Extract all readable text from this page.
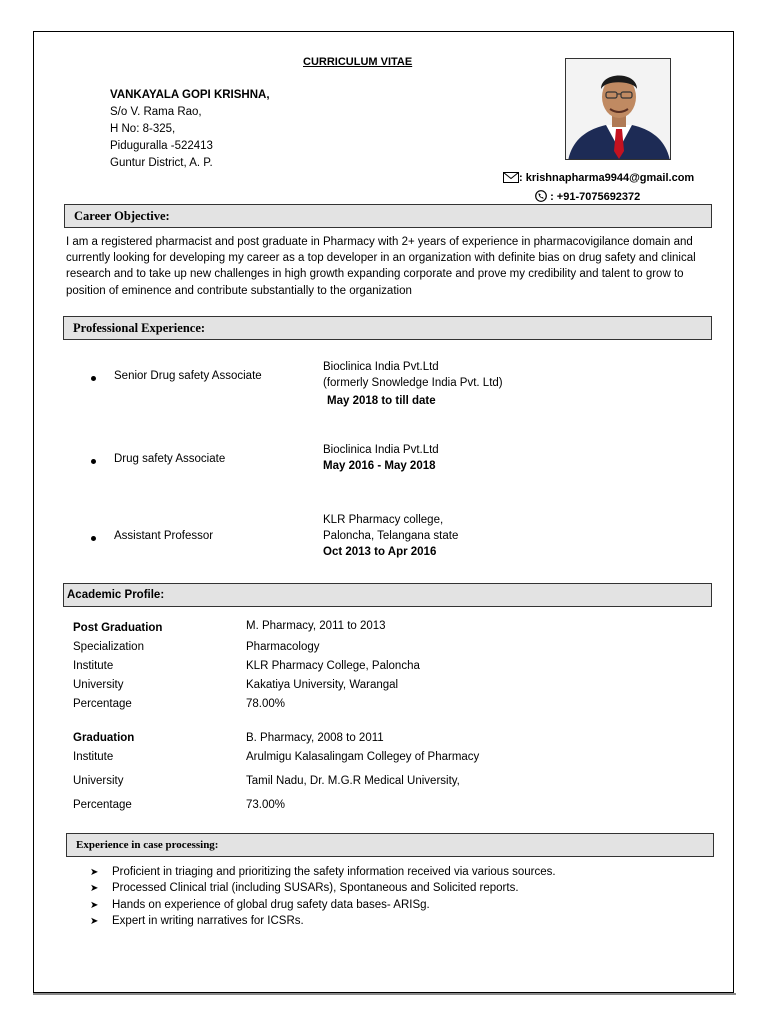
CURRICULUM VITAE
VANKAYALA GOPI KRISHNA,
S/o V. Rama Rao,
H No: 8-325,
Piduguralla -522413
Guntur District, A. P.
: krishnapharma9944@gmail.com
: +91-7075692372
Career Objective:
I am a registered pharmacist and post graduate in Pharmacy with 2+ years of experience in pharmacovigilance domain and currently looking for developing my career as a top developer in an organization with definite bias on drug safety and clinical research and to take up new challenges in high growth expanding corporate and prove my credibility and talent to grow to position of eminence and contribute substantially to the organization
Professional Experience:
Senior Drug safety Associate
Bioclinica India Pvt.Ltd
(formerly Snowledge India Pvt. Ltd)
May 2018 to till date
Drug safety Associate
Bioclinica India Pvt.Ltd
May 2016 - May 2018
Assistant Professor
KLR Pharmacy college,
Paloncha, Telangana state
Oct 2013 to Apr 2016
Academic Profile:
Post Graduation	M. Pharmacy, 2011 to 2013
Specialization	Pharmacology
Institute	KLR Pharmacy College, Paloncha
University	Kakatiya University, Warangal
Percentage	78.00%
Graduation	B. Pharmacy, 2008 to 2011
Institute	Arulmigu Kalasalingam Collegey of Pharmacy
University	Tamil Nadu, Dr. M.G.R Medical University,
Percentage	73.00%
Experience in case processing:
➤ Proficient in triaging and prioritizing the safety information received via various sources.
➤ Processed Clinical trial (including SUSARs), Spontaneous and Solicited reports.
➤ Hands on experience of global drug safety data bases- ARISg.
➤ Expert in writing narratives for ICSRs.
